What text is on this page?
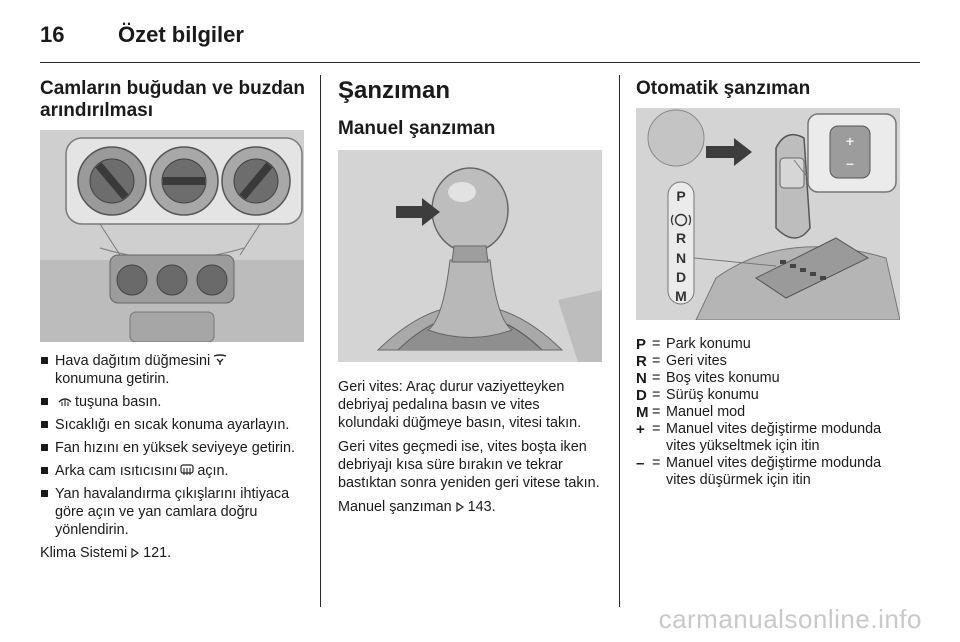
16 Özet bilgiler
Camların buğudan ve buzdan arındırılması
Hava dağıtım düğmesini
konumuna getirin.
tuşuna basın.
Sıcaklığı en sıcak konuma ayarlayın.
Fan hızını en yüksek seviyeye getirin.
Arka cam ısıtıcısını açın.
Yan havalandırma çıkışlarını ihtiyaca göre açın ve yan camlara doğru yönlendirin.

Klima Sistemi 121.

Şanzıman
Manuel şanzıman

Geri vites: Araç durur vaziyetteyken debriyaj pedalına basın ve vites kolundaki düğmeye basın, vitesi takın.

Geri vites geçmedi ise, vites boşta iken debriyajı kısa süre bırakın ve tekrar bastıktan sonra yeniden geri vitese takın.

Manuel şanzıman 143.

Otomatik şanzıman
P
R
N
D
M
+
–
P = Park konumu
R = Geri vites
N = Boş vites konumu
D = Sürüş konumu
M = Manuel mod
+ = Manuel vites değiştirme modunda vites yükseltmek için itin
– = Manuel vites değiştirme modunda vites düşürmek için itin
carmanualsonline.info
